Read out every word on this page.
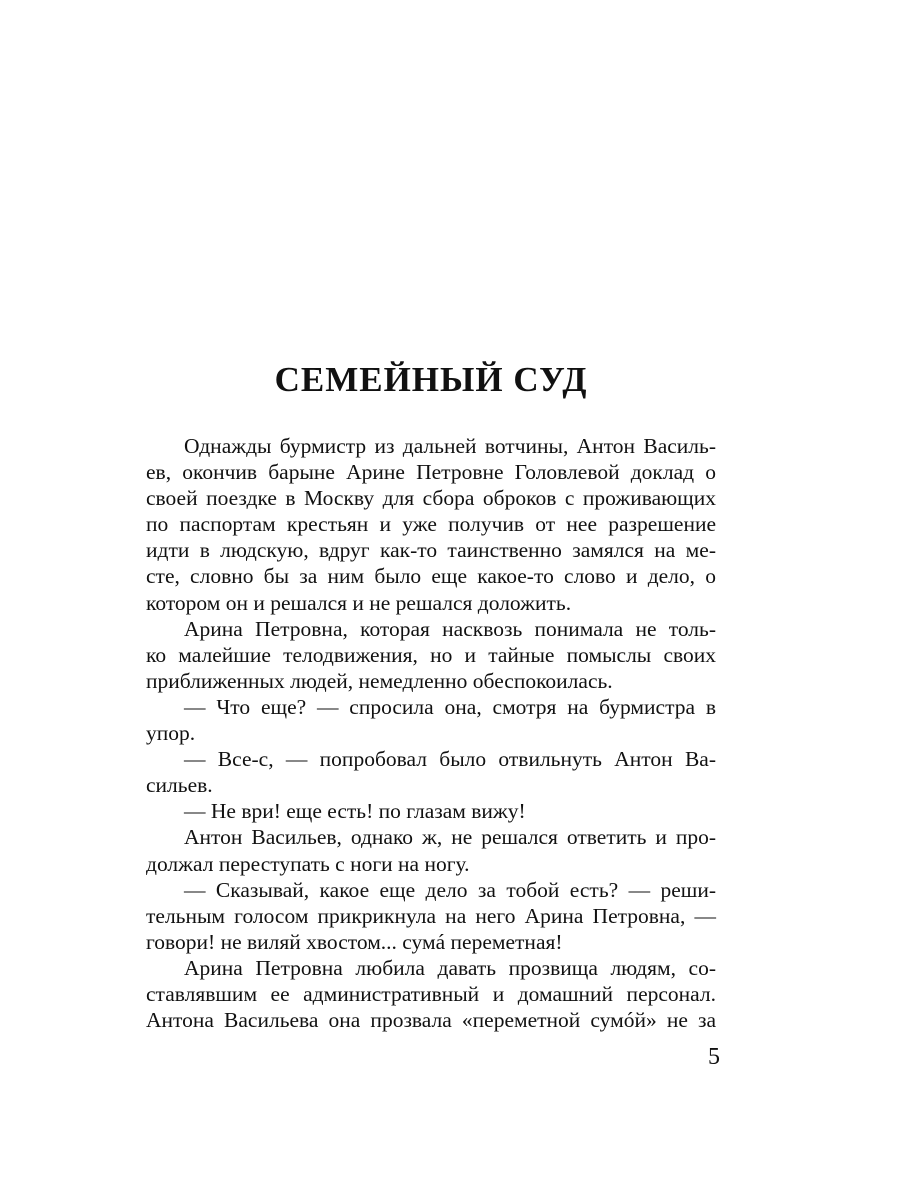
СЕМЕЙНЫЙ СУД
Однажды бурмистр из дальней вотчины, Антон Василь-
ев, окончив барыне Арине Петровне Головлевой доклад о
своей поездке в Москву для сбора оброков с проживающих
по паспортам крестьян и уже получив от нее разрешение
идти в людскую, вдруг как-то таинственно замялся на ме-
сте, словно бы за ним было еще какое-то слово и дело, о
котором он и решался и не решался доложить.
Арина Петровна, которая насквозь понимала не толь-
ко малейшие телодвижения, но и тайные помыслы своих
приближенных людей, немедленно обеспокоилась.
— Что еще? — спросила она, смотря на бурмистра в
упор.
— Все-с, — попробовал было отвильнуть Антон Ва-
сильев.
— Не ври! еще есть! по глазам вижу!
Антон Васильев, однако ж, не решался ответить и про-
должал переступать с ноги на ногу.
— Сказывай, какое еще дело за тобой есть? — реши-
тельным голосом прикрикнула на него Арина Петровна, —
говори! не виляй хвостом... сумá переметная!
Арина Петровна любила давать прозвища людям, со-
ставлявшим ее административный и домашний персонал.
Антона Васильева она прозвала «переметной сумóй» не за
5
